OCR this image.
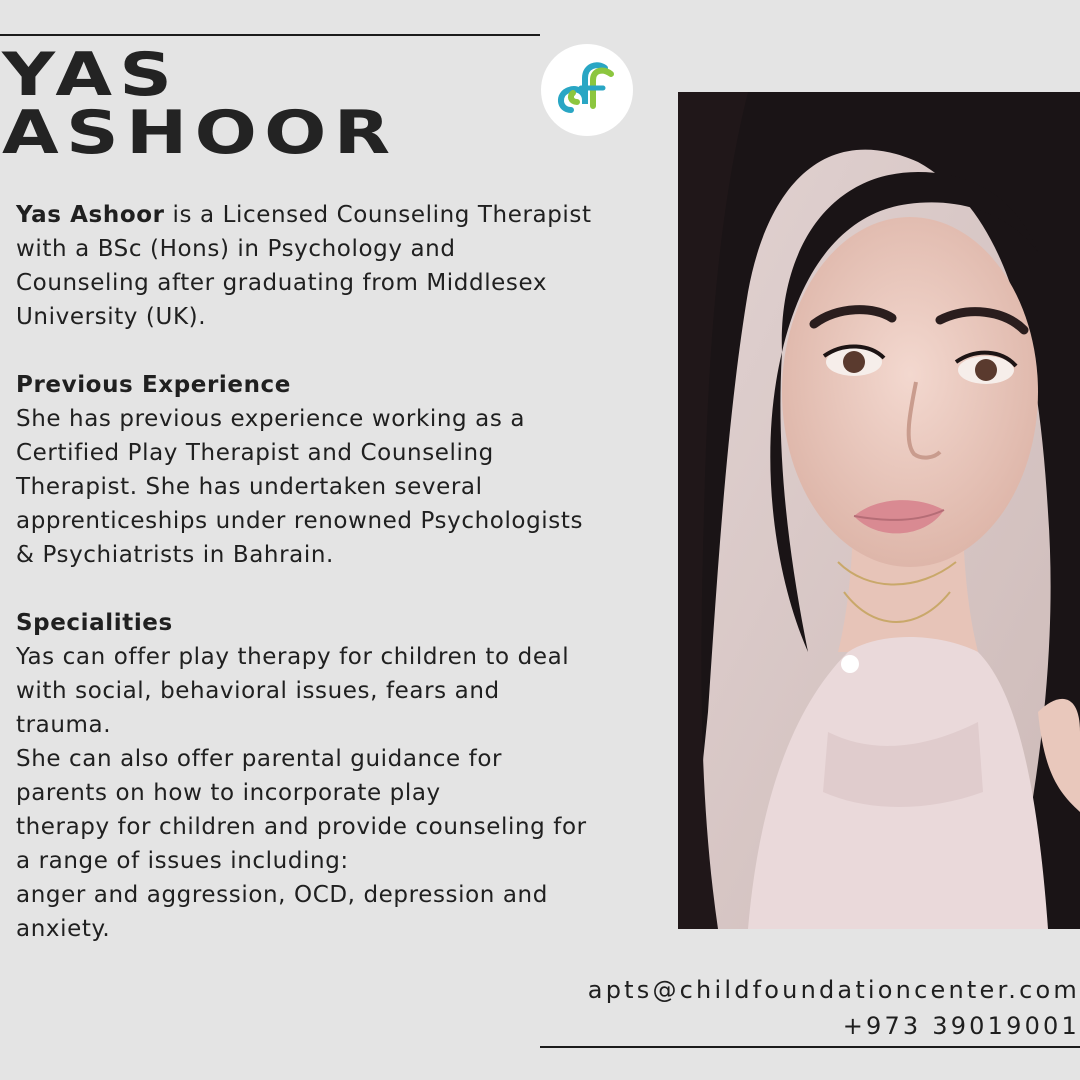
YAS
ASHOOR

Yas Ashoor is a Licensed Counseling Therapist

with a BSc (Hons) in Psychology and

Counseling after graduating from Middlesex

University (UK).

Previous Experience

She has previous experience working as a

Certified Play Therapist and Counseling

Therapist. She has undertaken several

apprenticeships under renowned Psychologists

& Psychiatrists in Bahrain.

Specialities

Yas can offer play therapy for children to deal

with social, behavioral issues, fears and

trauma.

She can also offer parental guidance for

parents on how to incorporate play

therapy for children and provide counseling for

a range of issues including:

anger and aggression, OCD, depression and

anxiety.

apts@childfoundationcenter.com
+973 39019001
